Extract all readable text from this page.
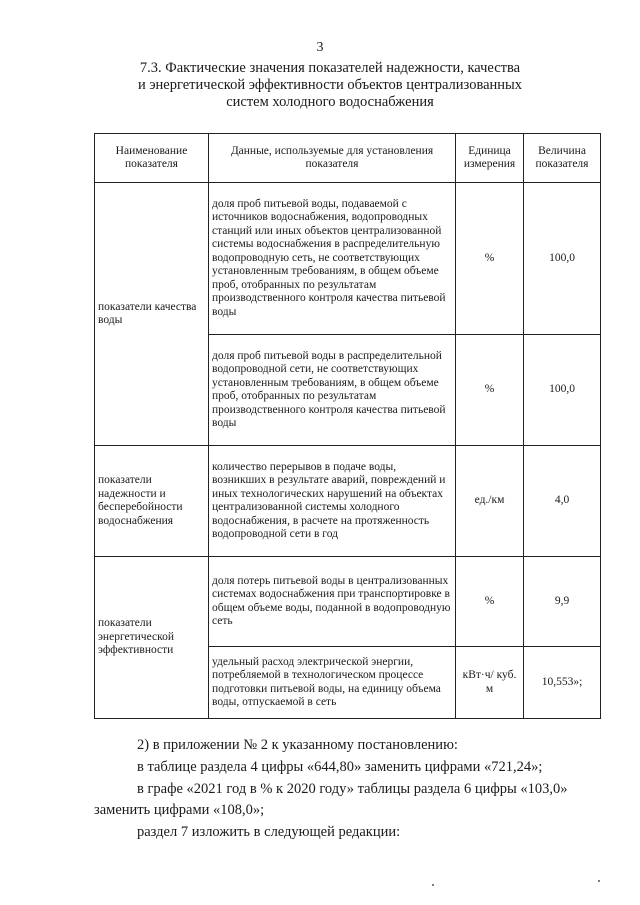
3
7.3. Фактические значения показателей надежности, качества
и энергетической эффективности объектов централизованных
систем холодного водоснабжения
Наименование показателя	Данные, используемые для установления показателя	Единица измерения	Величина показателя
показатели качества воды	доля проб питьевой воды, подаваемой с источников водоснабжения, водопроводных станций или иных объектов централизованной системы водоснабжения в распределительную водопроводную сеть, не соответствующих установленным требованиям, в общем объеме проб, отобранных по результатам производственного контроля качества питьевой воды	%	100,0
	доля проб питьевой воды в распределительной водопроводной сети, не соответствующих установленным требованиям, в общем объеме проб, отобранных по результатам производственного контроля качества питьевой воды	%	100,0
показатели надежности и бесперебойности водоснабжения	количество перерывов в подаче воды, возникших в результате аварий, повреждений и иных технологических нарушений на объектах централизованной системы холодного водоснабжения, в расчете на протяженность водопроводной сети в год	ед./км	4,0
показатели энергетической эффективности	доля потерь питьевой воды в централизованных системах водоснабжения при транспортировке в общем объеме воды, поданной в водопроводную сеть	%	9,9
	удельный расход электрической энергии, потребляемой в технологическом процессе подготовки питьевой воды, на единицу объема воды, отпускаемой в сеть	кВт·ч/ куб. м	10,553»;
2) в приложении № 2 к указанному постановлению:
в таблице раздела 4 цифры «644,80» заменить цифрами «721,24»;
в графе «2021 год в % к 2020 году» таблицы раздела 6 цифры «103,0»
заменить цифрами «108,0»;
раздел 7 изложить в следующей редакции:
